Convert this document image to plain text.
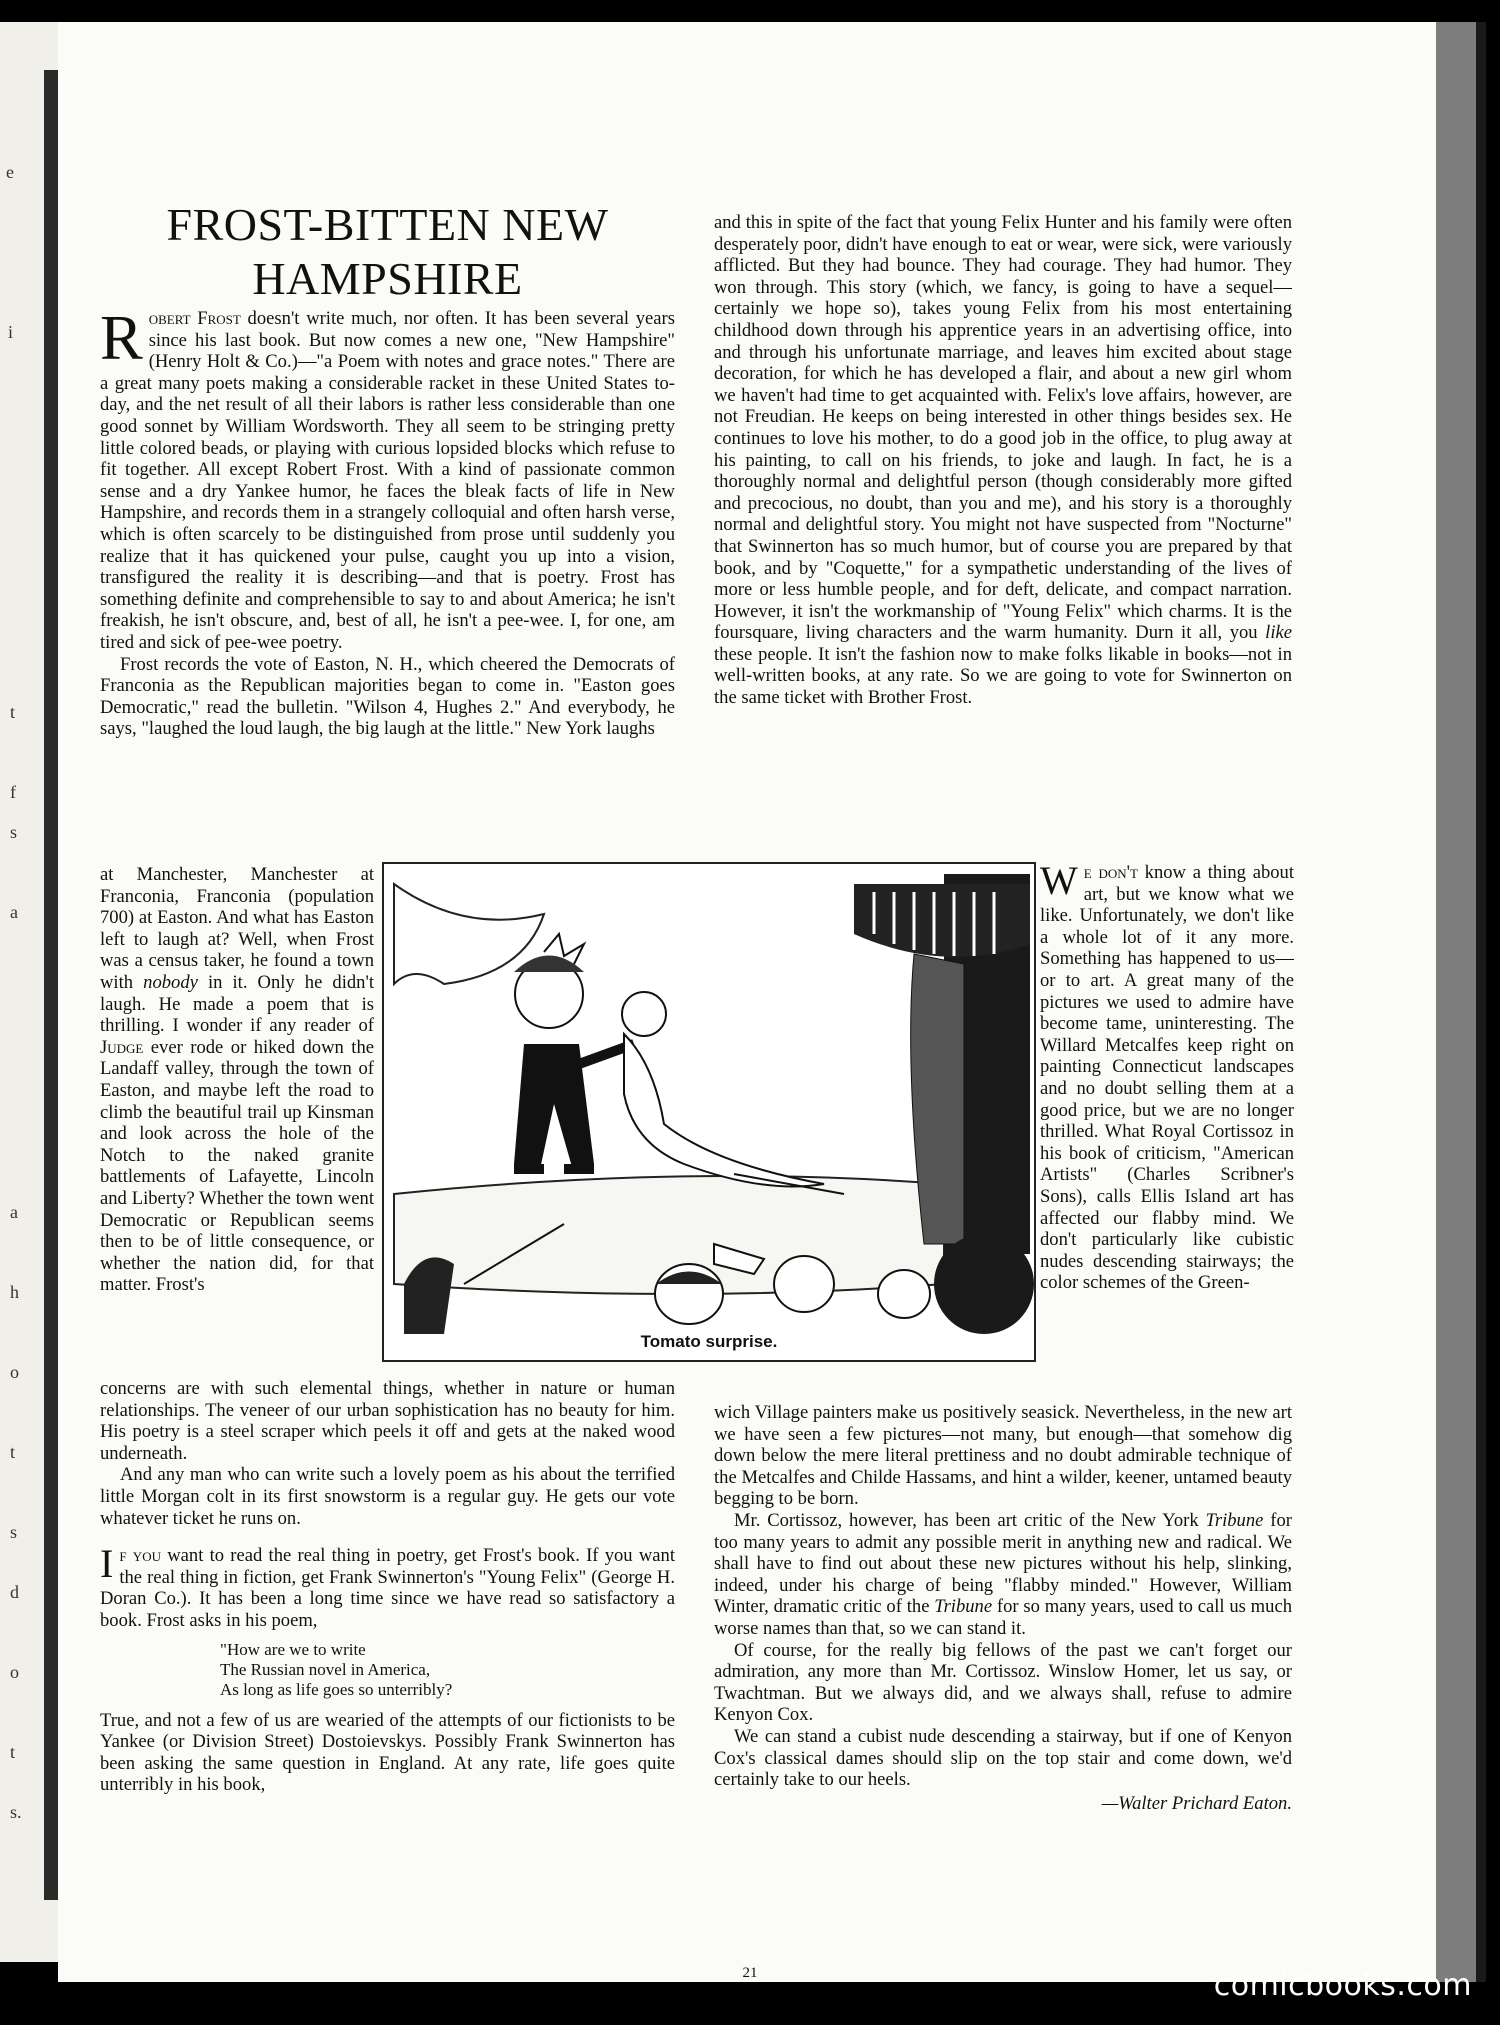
e
i
t
f
s
a
a
h
o
t
s
d
o
t
s.
FROST-BITTEN NEW HAMPSHIRE

Robert Frost doesn't write much, nor often. It has been several years since his last book. But now comes a new one, "New Hampshire" (Henry Holt & Co.)—"a Poem with notes and grace notes." There are a great many poets making a considerable racket in these United States to-day, and the net result of all their labors is rather less considerable than one good sonnet by William Wordsworth. They all seem to be stringing pretty little colored beads, or playing with curious lopsided blocks which refuse to fit together. All except Robert Frost. With a kind of passionate common sense and a dry Yankee humor, he faces the bleak facts of life in New Hampshire, and records them in a strangely colloquial and often harsh verse, which is often scarcely to be distinguished from prose until suddenly you realize that it has quickened your pulse, caught you up into a vision, transfigured the reality it is describing—and that is poetry. Frost has something definite and comprehensible to say to and about America; he isn't freakish, he isn't obscure, and, best of all, he isn't a pee-wee. I, for one, am tired and sick of pee-wee poetry.

Frost records the vote of Easton, N. H., which cheered the Democrats of Franconia as the Republican majorities began to come in. "Easton goes Democratic," read the bulletin. "Wilson 4, Hughes 2." And everybody, he says, "laughed the loud laugh, the big laugh at the little." New York laughs

at Manchester, Manchester at Franconia, Franconia (population 700) at Easton. And what has Easton left to laugh at? Well, when Frost was a census taker, he found a town with nobody in it. Only he didn't laugh. He made a poem that is thrilling. I wonder if any reader of Judge ever rode or hiked down the Landaff valley, through the town of Easton, and maybe left the road to climb the beautiful trail up Kinsman and look across the hole of the Notch to the naked granite battlements of Lafayette, Lincoln and Liberty? Whether the town went Democratic or Republican seems then to be of little consequence, or whether the nation did, for that matter. Frost's

concerns are with such elemental things, whether in nature or human relationships. The veneer of our urban sophistication has no beauty for him. His poetry is a steel scraper which peels it off and gets at the naked wood underneath.

And any man who can write such a lovely poem as his about the terrified little Morgan colt in its first snowstorm is a regular guy. He gets our vote whatever ticket he runs on.

If you want to read the real thing in poetry, get Frost's book. If you want the real thing in fiction, get Frank Swinnerton's "Young Felix" (George H. Doran Co.). It has been a long time since we have read so satisfactory a book. Frost asks in his poem,

"How are we to write
The Russian novel in America,
As long as life goes so unterribly?

True, and not a few of us are wearied of the attempts of our fictionists to be Yankee (or Division Street) Dostoievskys. Possibly Frank Swinnerton has been asking the same question in England. At any rate, life goes quite unterribly in his book,

and this in spite of the fact that young Felix Hunter and his family were often desperately poor, didn't have enough to eat or wear, were sick, were variously afflicted. But they had bounce. They had courage. They had humor. They won through. This story (which, we fancy, is going to have a sequel—certainly we hope so), takes young Felix from his most entertaining childhood down through his apprentice years in an advertising office, into and through his unfortunate marriage, and leaves him excited about stage decoration, for which he has developed a flair, and about a new girl whom we haven't had time to get acquainted with. Felix's love affairs, however, are not Freudian. He keeps on being interested in other things besides sex. He continues to love his mother, to do a good job in the office, to plug away at his painting, to call on his friends, to joke and laugh. In fact, he is a thoroughly normal and delightful person (though considerably more gifted and precocious, no doubt, than you and me), and his story is a thoroughly normal and delightful story. You might not have suspected from "Nocturne" that Swinnerton has so much humor, but of course you are prepared by that book, and by "Coquette," for a sympathetic understanding of the lives of more or less humble people, and for deft, delicate, and compact narration. However, it isn't the workmanship of "Young Felix" which charms. It is the foursquare, living characters and the warm humanity. Durn it all, you like these people. It isn't the fashion now to make folks likable in books—not in well-written books, at any rate. So we are going to vote for Swinnerton on the same ticket with Brother Frost.

We don't know a thing about art, but we know what we like. Unfortunately, we don't like a whole lot of it any more. Something has happened to us—or to art. A great many of the pictures we used to admire have become tame, uninteresting. The Willard Metcalfes keep right on painting Connecticut landscapes and no doubt selling them at a good price, but we are no longer thrilled. What Royal Cortissoz in his book of criticism, "American Artists" (Charles Scribner's Sons), calls Ellis Island art has affected our flabby mind. We don't particularly like cubistic nudes descending stairways; the color schemes of the Green-

wich Village painters make us positively seasick. Nevertheless, in the new art we have seen a few pictures—not many, but enough—that somehow dig down below the mere literal prettiness and no doubt admirable technique of the Metcalfes and Childe Hassams, and hint a wilder, keener, untamed beauty begging to be born.

Mr. Cortissoz, however, has been art critic of the New York Tribune for too many years to admit any possible merit in anything new and radical. We shall have to find out about these new pictures without his help, slinking, indeed, under his charge of being "flabby minded." However, William Winter, dramatic critic of the Tribune for so many years, used to call us much worse names than that, so we can stand it.

Of course, for the really big fellows of the past we can't forget our admiration, any more than Mr. Cortissoz. Winslow Homer, let us say, or Twachtman. But we always did, and we always shall, refuse to admire Kenyon Cox.

We can stand a cubist nude descending a stairway, but if one of Kenyon Cox's classical dames should slip on the top stair and come down, we'd certainly take to our heels.

—Walter Prichard Eaton.
Tomato surprise.
21	comicbooks.com
